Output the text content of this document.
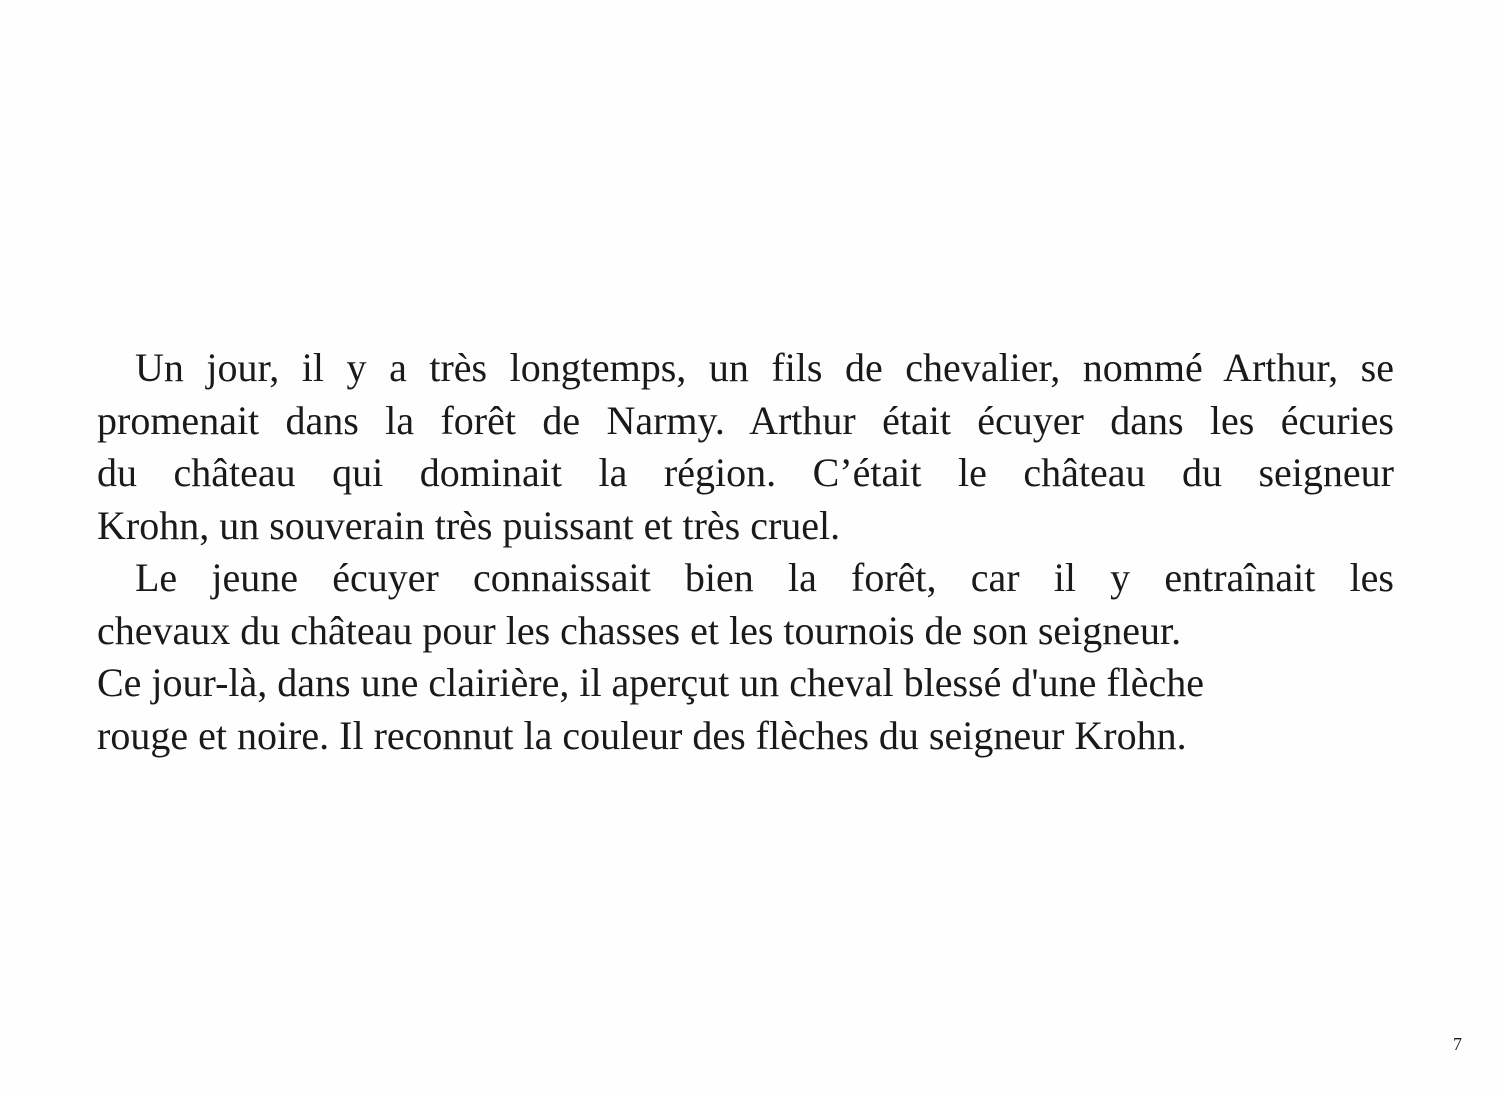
Un jour, il y a très longtemps, un fils de chevalier, nommé Arthur, se
promenait dans la forêt de Narmy. Arthur était écuyer dans les écuries
du château qui dominait la région. C’était le château du seigneur
Krohn, un souverain très puissant et très cruel.
Le jeune écuyer connaissait bien la forêt, car il y entraînait les
chevaux du château pour les chasses et les tournois de son seigneur.
Ce jour-là, dans une clairière, il aperçut un cheval blessé d'une flèche
rouge et noire. Il reconnut la couleur des flèches du seigneur Krohn.
7
